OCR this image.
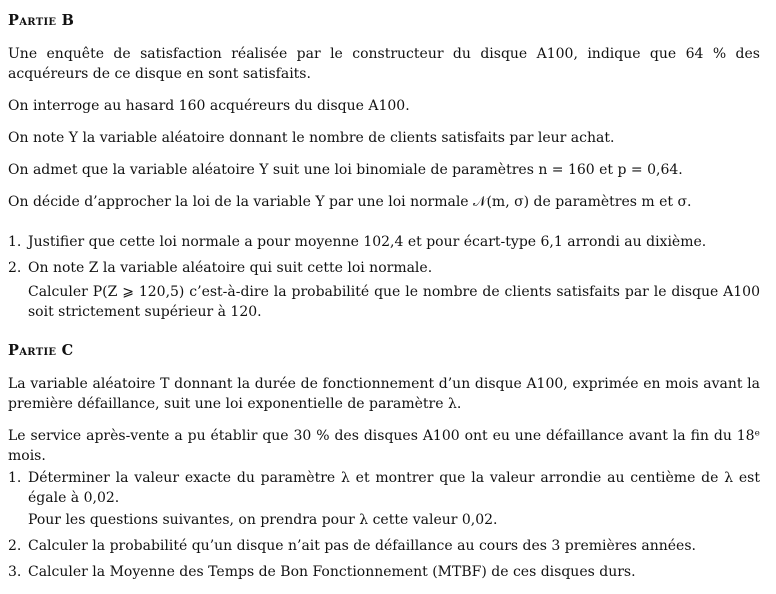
Partie B
Une enquête de satisfaction réalisée par le constructeur du disque A100, indique que 64 % des acquéreurs de ce disque en sont satisfaits.
On interroge au hasard 160 acquéreurs du disque A100.
On note Y la variable aléatoire donnant le nombre de clients satisfaits par leur achat.
On admet que la variable aléatoire Y suit une loi binomiale de paramètres n = 160 et p = 0,64.
On décide d’approcher la loi de la variable Y par une loi normale 𝒩(m, σ) de paramètres m et σ.
1. Justifier que cette loi normale a pour moyenne 102,4 et pour écart-type 6,1 arrondi au dixième.
2. On note Z la variable aléatoire qui suit cette loi normale.
Calculer P(Z ⩾ 120,5) c’est-à-dire la probabilité que le nombre de clients satisfaits par le disque A100 soit strictement supérieur à 120.
Partie C
La variable aléatoire T donnant la durée de fonctionnement d’un disque A100, exprimée en mois avant la première défaillance, suit une loi exponentielle de paramètre λ.
Le service après-vente a pu établir que 30 % des disques A100 ont eu une défaillance avant la fin du 18ᵉ mois.
1. Déterminer la valeur exacte du paramètre λ et montrer que la valeur arrondie au centième de λ est égale à 0,02.
Pour les questions suivantes, on prendra pour λ cette valeur 0,02.
2. Calculer la probabilité qu’un disque n’ait pas de défaillance au cours des 3 premières années.
3. Calculer la Moyenne des Temps de Bon Fonctionnement (MTBF) de ces disques durs.
